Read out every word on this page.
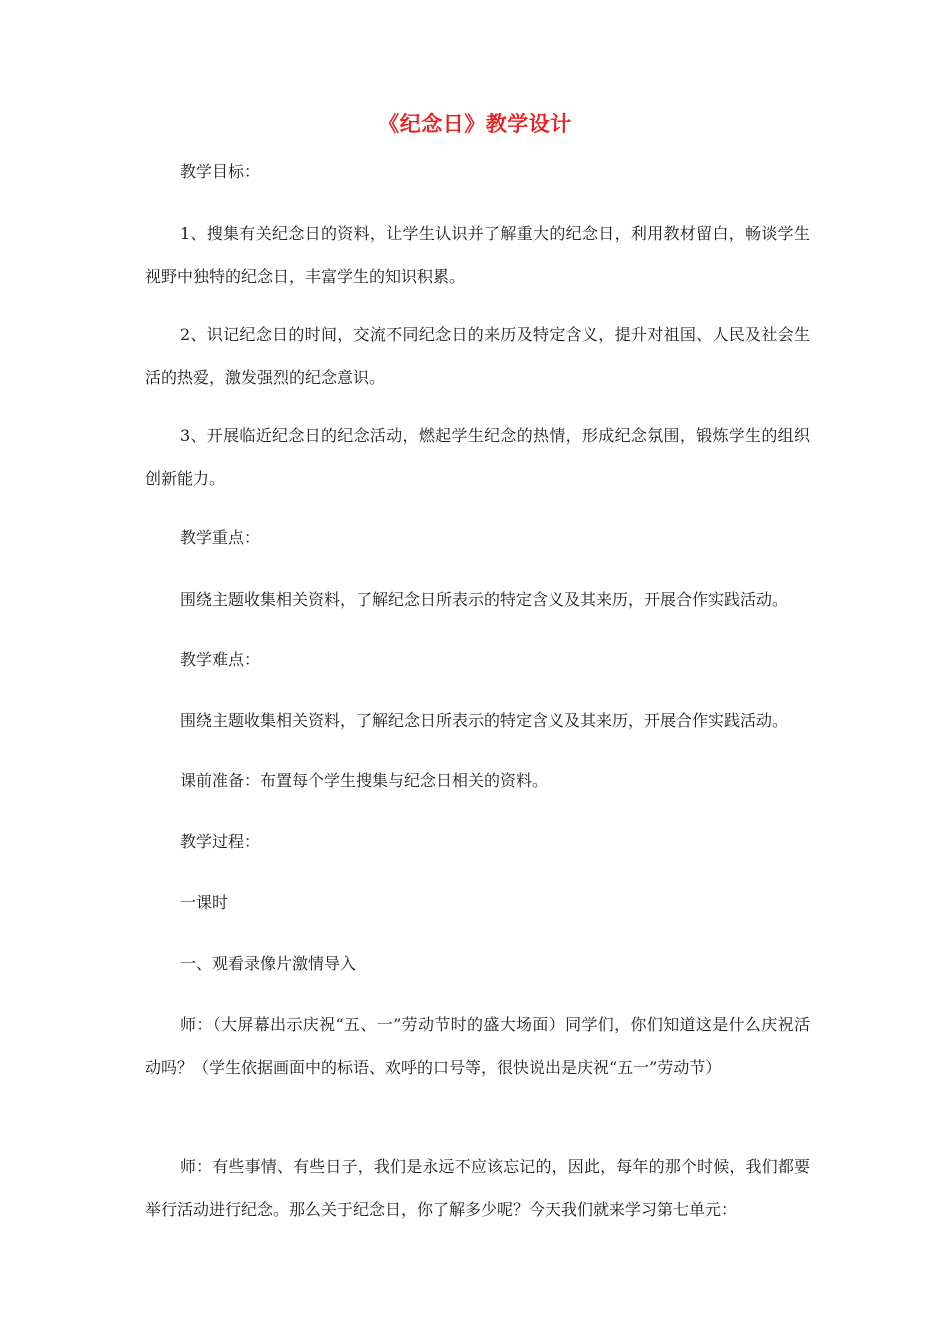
《纪念日》教学设计
教学目标：
1、搜集有关纪念日的资料，让学生认识并了解重大的纪念日，利用教材留白，畅谈学生视野中独特的纪念日，丰富学生的知识积累。
2、识记纪念日的时间，交流不同纪念日的来历及特定含义，提升对祖国、人民及社会生活的热爱，激发强烈的纪念意识。
3、开展临近纪念日的纪念活动，燃起学生纪念的热情，形成纪念氛围，锻炼学生的组织创新能力。
教学重点：
围绕主题收集相关资料，了解纪念日所表示的特定含义及其来历，开展合作实践活动。
教学难点：
围绕主题收集相关资料，了解纪念日所表示的特定含义及其来历，开展合作实践活动。
课前准备：布置每个学生搜集与纪念日相关的资料。
教学过程：
一课时
一、观看录像片激情导入
师：（大屏幕出示庆祝“五、一”劳动节时的盛大场面）同学们，你们知道这是什么庆祝活动吗？（学生依据画面中的标语、欢呼的口号等，很快说出是庆祝“五一”劳动节）
师：有些事情、有些日子，我们是永远不应该忘记的，因此，每年的那个时候，我们都要举行活动进行纪念。那么关于纪念日，你了解多少呢？今天我们就来学习第七单元：
